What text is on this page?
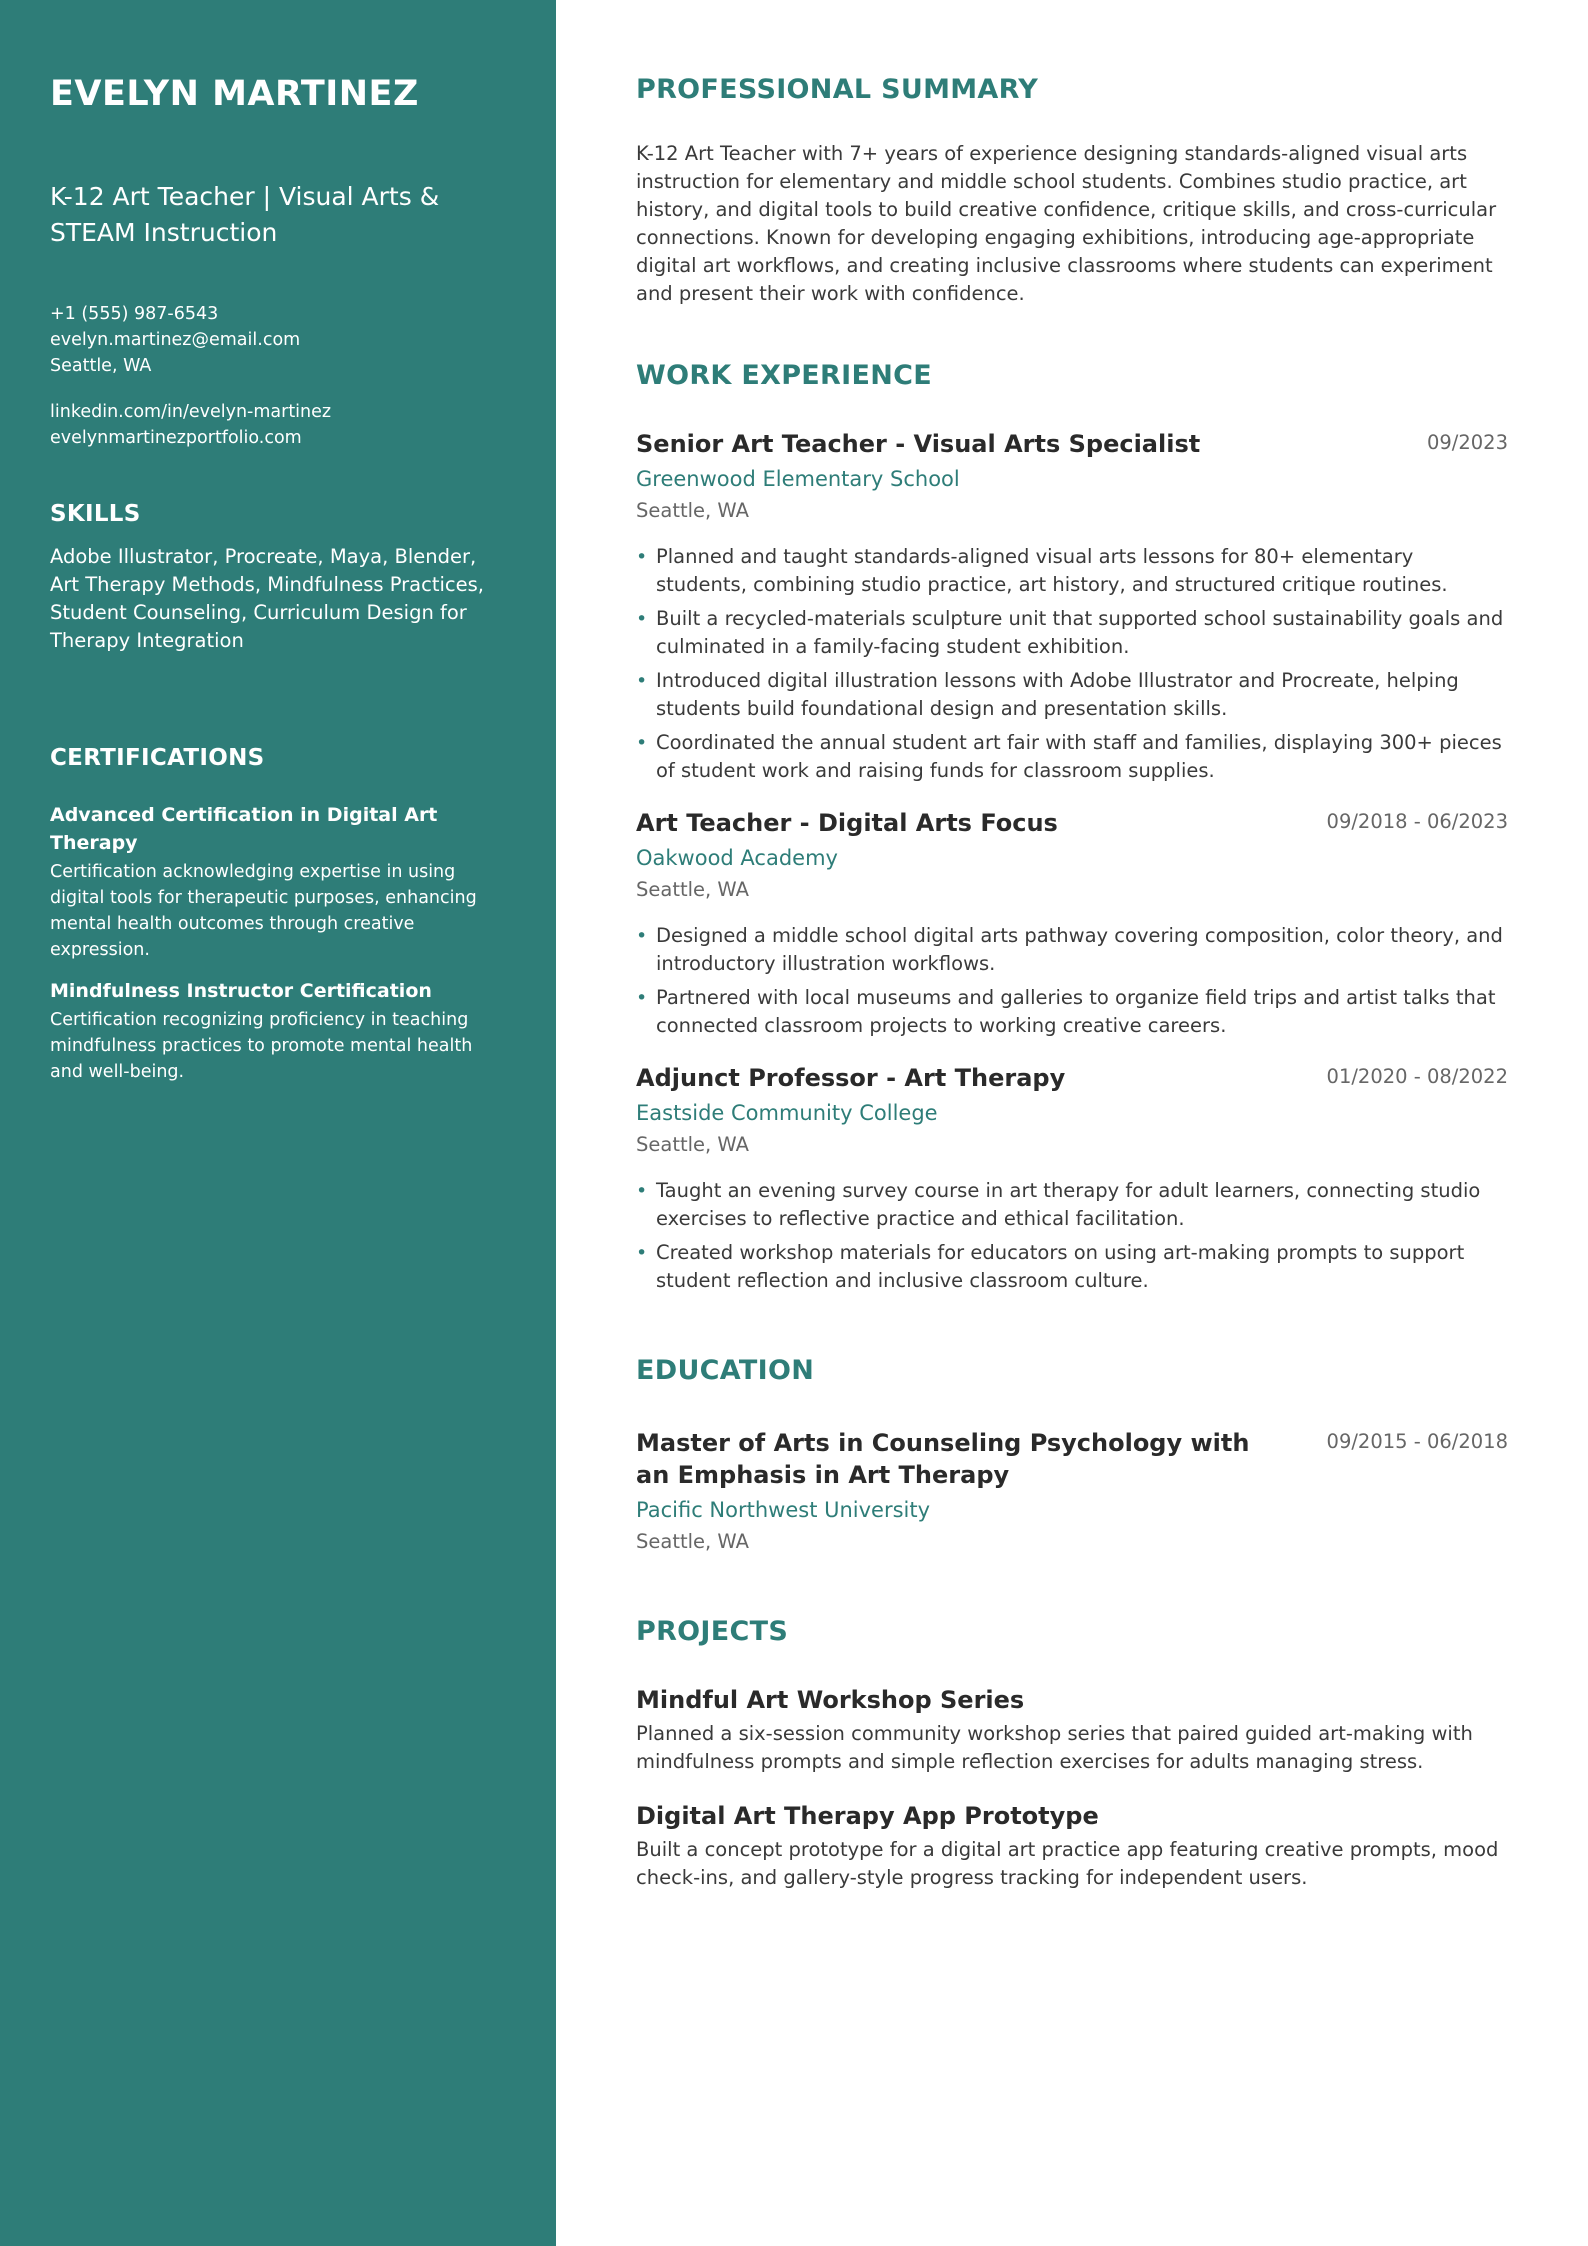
EVELYN MARTINEZ
K-12 Art Teacher | Visual Arts & STEAM Instruction
+1 (555) 987-6543
evelyn.martinez@email.com
Seattle, WA
linkedin.com/in/evelyn-martinez
evelynmartinezportfolio.com
SKILLS
Adobe Illustrator, Procreate, Maya, Blender, Art Therapy Methods, Mindfulness Practices, Student Counseling, Curriculum Design for Therapy Integration
CERTIFICATIONS
Advanced Certification in Digital Art Therapy
Certification acknowledging expertise in using digital tools for therapeutic purposes, enhancing mental health outcomes through creative expression.
Mindfulness Instructor Certification
Certification recognizing proficiency in teaching mindfulness practices to promote mental health and well-being.
PROFESSIONAL SUMMARY
K-12 Art Teacher with 7+ years of experience designing standards-aligned visual arts instruction for elementary and middle school students. Combines studio practice, art history, and digital tools to build creative confidence, critique skills, and cross-curricular connections. Known for developing engaging exhibitions, introducing age-appropriate digital art workflows, and creating inclusive classrooms where students can experiment and present their work with confidence.
WORK EXPERIENCE
Senior Art Teacher - Visual Arts Specialist	09/2023
Greenwood Elementary School
Seattle, WA
• Planned and taught standards-aligned visual arts lessons for 80+ elementary students, combining studio practice, art history, and structured critique routines.
• Built a recycled-materials sculpture unit that supported school sustainability goals and culminated in a family-facing student exhibition.
• Introduced digital illustration lessons with Adobe Illustrator and Procreate, helping students build foundational design and presentation skills.
• Coordinated the annual student art fair with staff and families, displaying 300+ pieces of student work and raising funds for classroom supplies.
Art Teacher - Digital Arts Focus	09/2018 - 06/2023
Oakwood Academy
Seattle, WA
• Designed a middle school digital arts pathway covering composition, color theory, and introductory illustration workflows.
• Partnered with local museums and galleries to organize field trips and artist talks that connected classroom projects to working creative careers.
Adjunct Professor - Art Therapy	01/2020 - 08/2022
Eastside Community College
Seattle, WA
• Taught an evening survey course in art therapy for adult learners, connecting studio exercises to reflective practice and ethical facilitation.
• Created workshop materials for educators on using art-making prompts to support student reflection and inclusive classroom culture.
EDUCATION
Master of Arts in Counseling Psychology with an Emphasis in Art Therapy
09/2015 - 06/2018
Pacific Northwest University
Seattle, WA
PROJECTS
Mindful Art Workshop Series
Planned a six-session community workshop series that paired guided art-making with mindfulness prompts and simple reflection exercises for adults managing stress.
Digital Art Therapy App Prototype
Built a concept prototype for a digital art practice app featuring creative prompts, mood check-ins, and gallery-style progress tracking for independent users.
